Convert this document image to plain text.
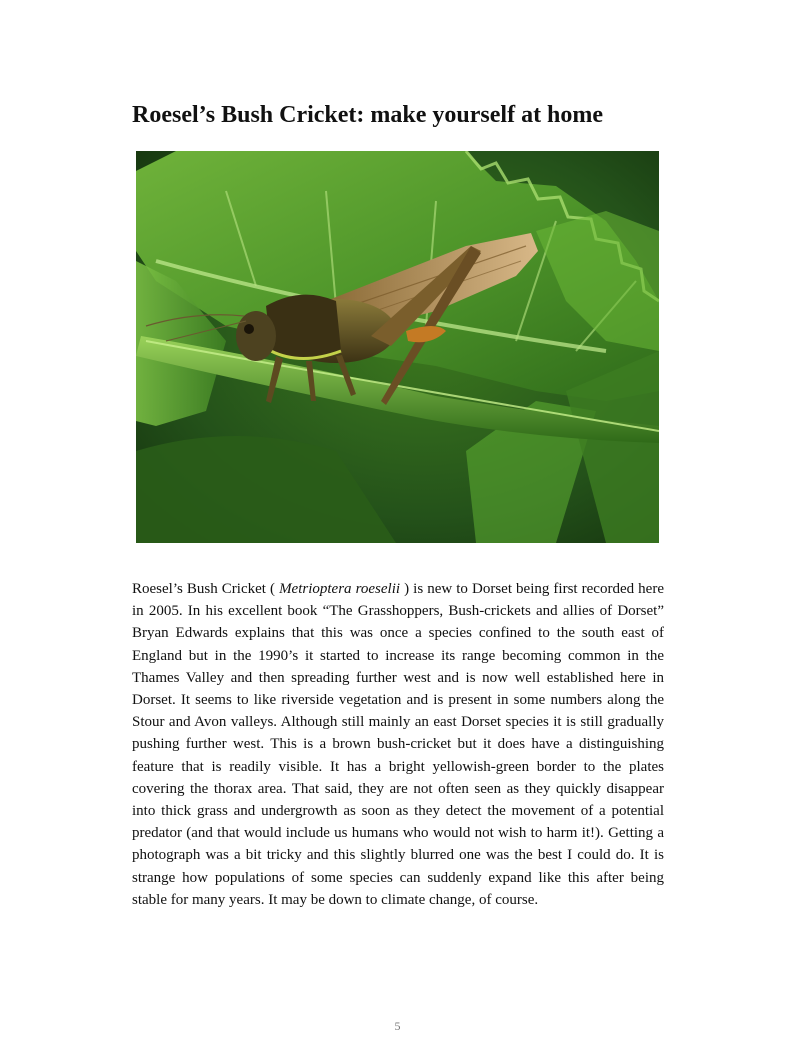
Roesel’s Bush Cricket: make yourself at home

Roesel’s Bush Cricket ( Metrioptera roeselii ) is new to Dorset being first recorded here in 2005. In his excellent book “The Grasshoppers, Bush-crickets and allies of Dorset” Bryan Edwards explains that this was once a species confined to the south east of England but in the 1990’s it started to increase its range becoming common in the Thames Valley and then spreading further west and is now well established here in Dorset. It seems to like riverside vegetation and is present in some numbers along the Stour and Avon valleys. Although still mainly an east Dorset species it is still gradually pushing further west. This is a brown bush-cricket but it does have a distinguishing feature that is readily visible. It has a bright yellowish-green border to the plates covering the thorax area. That said, they are not often seen as they quickly disappear into thick grass and undergrowth as soon as they detect the movement of a potential predator (and that would include us humans who would not wish to harm it!). Getting a photograph was a bit tricky and this slightly blurred one was the best I could do. It is strange how populations of some species can suddenly expand like this after being stable for many years. It may be down to climate change, of course.

5
